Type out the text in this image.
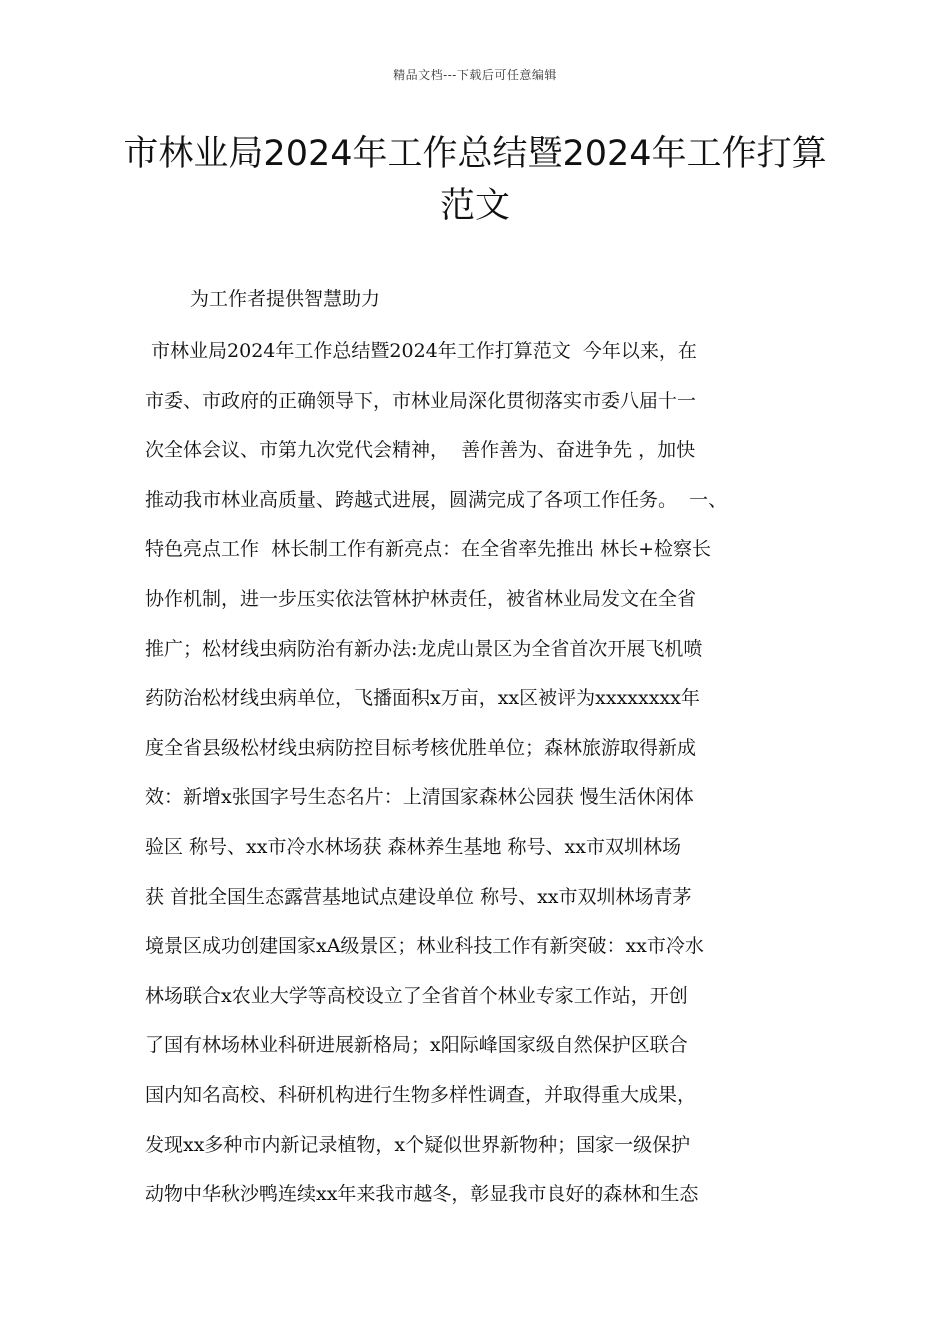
精品文档---下载后可任意编辑
市林业局2024年工作总结暨2024年工作打算范文
为工作者提供智慧助力
市林业局2024年工作总结暨2024年工作打算范文  今年以来，在
市委、市政府的正确领导下，市林业局深化贯彻落实市委八届十一
次全体会议、市第九次党代会精神，  善作善为、奋进争先 ，加快
推动我市林业高质量、跨越式进展，圆满完成了各项工作任务。  一、
特色亮点工作  林长制工作有新亮点：在全省率先推出 林长+检察长
协作机制，进一步压实依法管林护林责任，被省林业局发文在全省
推广；松材线虫病防治有新办法:龙虎山景区为全省首次开展飞机喷
药防治松材线虫病单位，飞播面积x万亩，xx区被评为xxxxxxxx年
度全省县级松材线虫病防控目标考核优胜单位；森林旅游取得新成
效：新增x张国字号生态名片：上清国家森林公园获 慢生活休闲体
验区 称号、xx市冷水林场获 森林养生基地 称号、xx市双圳林场
获 首批全国生态露营基地试点建设单位 称号、xx市双圳林场青茅
境景区成功创建国家xA级景区；林业科技工作有新突破：xx市冷水
林场联合x农业大学等高校设立了全省首个林业专家工作站，开创
了国有林场林业科研进展新格局；x阳际峰国家级自然保护区联合
国内知名高校、科研机构进行生物多样性调查，并取得重大成果，
发现xx多种市内新记录植物，x个疑似世界新物种；国家一级保护
动物中华秋沙鸭连续xx年来我市越冬，彰显我市良好的森林和生态
